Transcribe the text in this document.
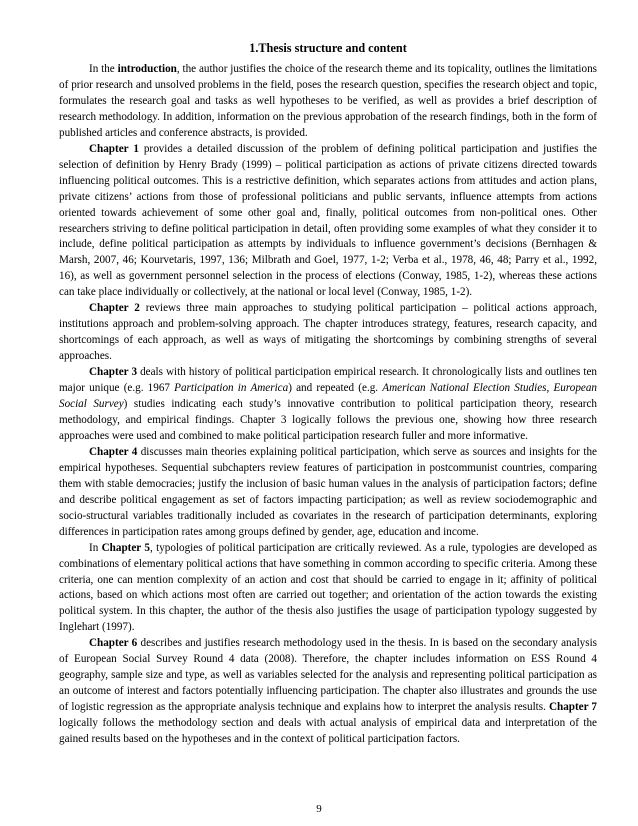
1.Thesis structure and content

In the introduction, the author justifies the choice of the research theme and its topicality, outlines the limitations of prior research and unsolved problems in the field, poses the research question, specifies the research object and topic, formulates the research goal and tasks as well hypotheses to be verified, as well as provides a brief description of research methodology. In addition, information on the previous approbation of the research findings, both in the form of published articles and conference abstracts, is provided.

Chapter 1 provides a detailed discussion of the problem of defining political participation and justifies the selection of definition by Henry Brady (1999) – political participation as actions of private citizens directed towards influencing political outcomes. This is a restrictive definition, which separates actions from attitudes and action plans, private citizens’ actions from those of professional politicians and public servants, influence attempts from actions oriented towards achievement of some other goal and, finally, political outcomes from non-political ones. Other researchers striving to define political participation in detail, often providing some examples of what they consider it to include, define political participation as attempts by individuals to influence government’s decisions (Bernhagen & Marsh, 2007, 46; Kourvetaris, 1997, 136; Milbrath and Goel, 1977, 1-2; Verba et al., 1978, 46, 48; Parry et al., 1992, 16), as well as government personnel selection in the process of elections (Conway, 1985, 1-2), whereas these actions can take place individually or collectively, at the national or local level (Conway, 1985, 1-2).

Chapter 2 reviews three main approaches to studying political participation – political actions approach, institutions approach and problem-solving approach. The chapter introduces strategy, features, research capacity, and shortcomings of each approach, as well as ways of mitigating the shortcomings by combining strengths of several approaches.

Chapter 3 deals with history of political participation empirical research. It chronologically lists and outlines ten major unique (e.g. 1967 Participation in America) and repeated (e.g. American National Election Studies, European Social Survey) studies indicating each study’s innovative contribution to political participation theory, research methodology, and empirical findings. Chapter 3 logically follows the previous one, showing how three research approaches were used and combined to make political participation research fuller and more informative.

Chapter 4 discusses main theories explaining political participation, which serve as sources and insights for the empirical hypotheses. Sequential subchapters review features of participation in postcommunist countries, comparing them with stable democracies; justify the inclusion of basic human values in the analysis of participation factors; define and describe political engagement as set of factors impacting participation; as well as review sociodemographic and socio-structural variables traditionally included as covariates in the research of participation determinants, exploring differences in participation rates among groups defined by gender, age, education and income.

In Chapter 5, typologies of political participation are critically reviewed. As a rule, typologies are developed as combinations of elementary political actions that have something in common according to specific criteria. Among these criteria, one can mention complexity of an action and cost that should be carried to engage in it; affinity of political actions, based on which actions most often are carried out together; and orientation of the action towards the existing political system. In this chapter, the author of the thesis also justifies the usage of participation typology suggested by Inglehart (1997).

Chapter 6 describes and justifies research methodology used in the thesis. In is based on the secondary analysis of European Social Survey Round 4 data (2008). Therefore, the chapter includes information on ESS Round 4 geography, sample size and type, as well as variables selected for the analysis and representing political participation as an outcome of interest and factors potentially influencing participation. The chapter also illustrates and grounds the use of logistic regression as the appropriate analysis technique and explains how to interpret the analysis results. Chapter 7 logically follows the methodology section and deals with actual analysis of empirical data and interpretation of the gained results based on the hypotheses and in the context of political participation factors.

9
